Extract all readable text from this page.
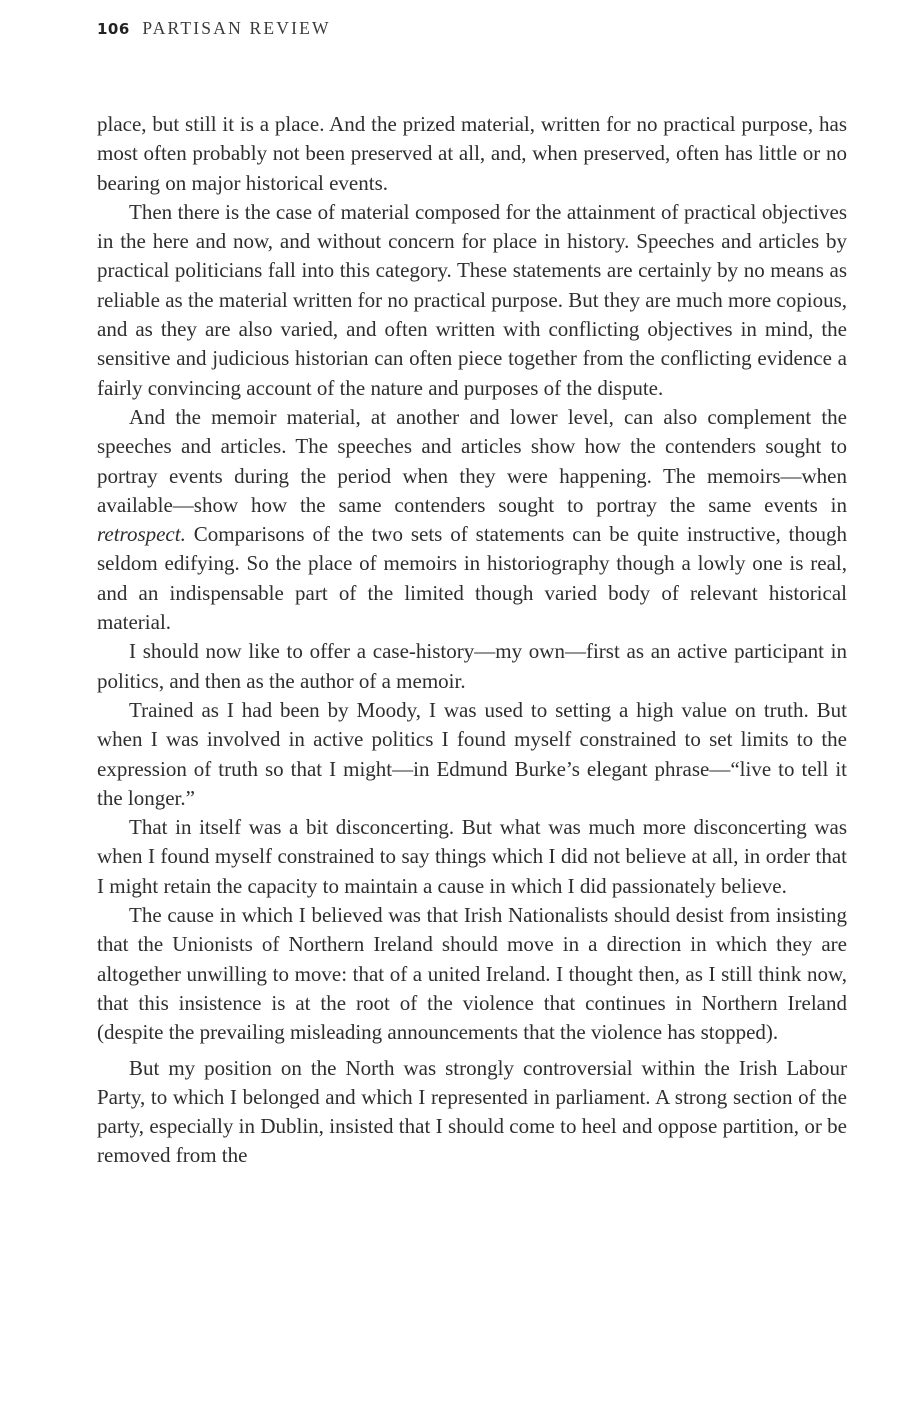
106 PARTISAN REVIEW

place, but still it is a place. And the prized material, written for no practical purpose, has most often probably not been preserved at all, and, when preserved, often has little or no bearing on major historical events.

Then there is the case of material composed for the attainment of practical objectives in the here and now, and without concern for place in history. Speeches and articles by practical politicians fall into this category. These statements are certainly by no means as reliable as the material written for no practical purpose. But they are much more copious, and as they are also varied, and often written with conflicting objectives in mind, the sensitive and judicious historian can often piece together from the conflicting evidence a fairly convincing account of the nature and purposes of the dispute.

And the memoir material, at another and lower level, can also complement the speeches and articles. The speeches and articles show how the contenders sought to portray events during the period when they were happening. The memoirs—when available—show how the same contenders sought to portray the same events in retrospect. Comparisons of the two sets of statements can be quite instructive, though seldom edifying. So the place of memoirs in historiography though a lowly one is real, and an indispensable part of the limited though varied body of relevant historical material.

I should now like to offer a case-history—my own—first as an active participant in politics, and then as the author of a memoir.

Trained as I had been by Moody, I was used to setting a high value on truth. But when I was involved in active politics I found myself constrained to set limits to the expression of truth so that I might—in Edmund Burke’s elegant phrase—“live to tell it the longer.”

That in itself was a bit disconcerting. But what was much more disconcerting was when I found myself constrained to say things which I did not believe at all, in order that I might retain the capacity to maintain a cause in which I did passionately believe.

The cause in which I believed was that Irish Nationalists should desist from insisting that the Unionists of Northern Ireland should move in a direction in which they are altogether unwilling to move: that of a united Ireland. I thought then, as I still think now, that this insistence is at the root of the violence that continues in Northern Ireland (despite the prevailing misleading announcements that the violence has stopped).

But my position on the North was strongly controversial within the Irish Labour Party, to which I belonged and which I represented in parliament. A strong section of the party, especially in Dublin, insisted that I should come to heel and oppose partition, or be removed from the
